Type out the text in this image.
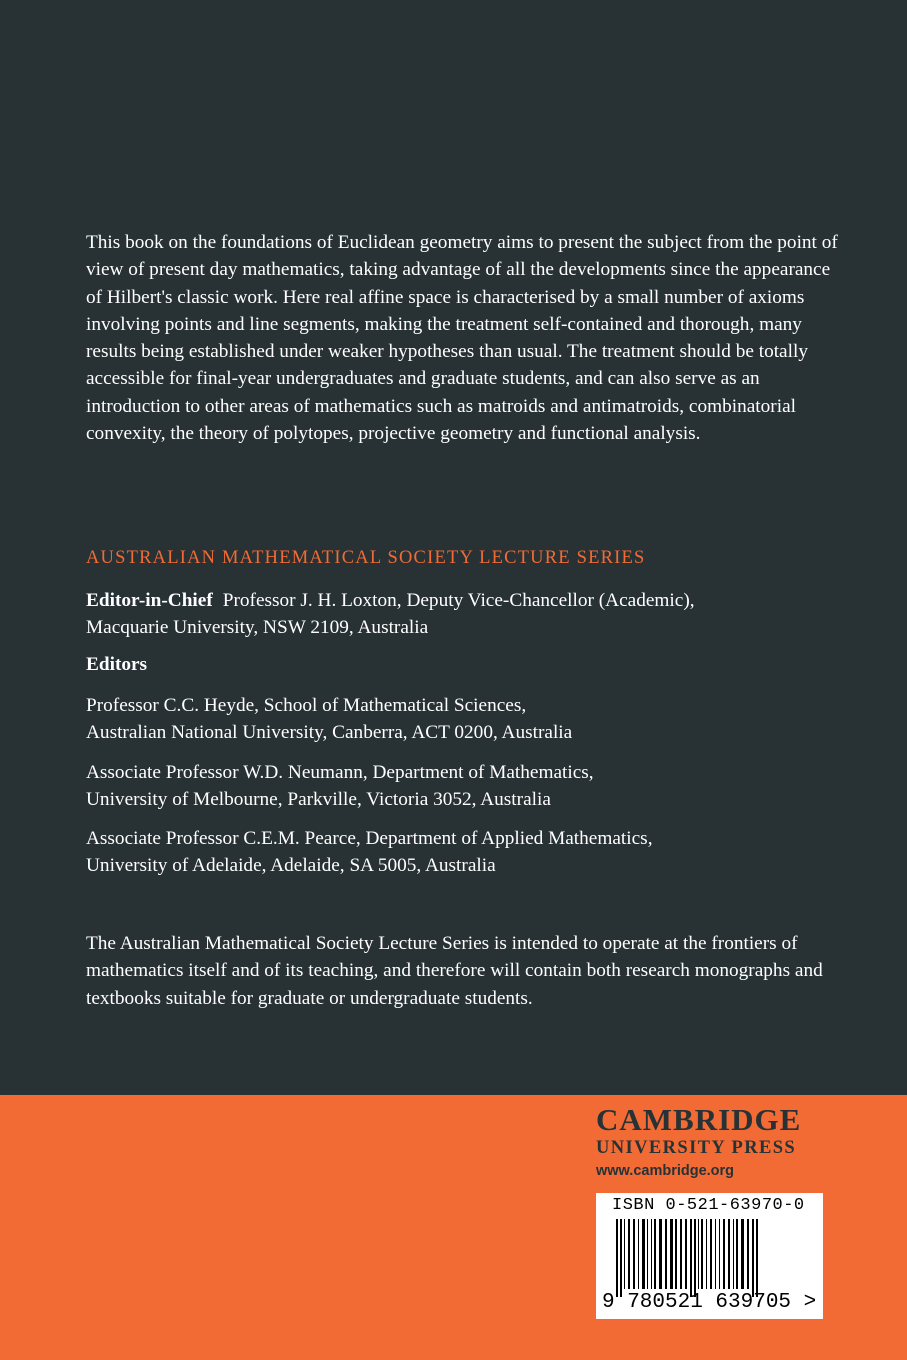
This book on the foundations of Euclidean geometry aims to present the subject from the point of view of present day mathematics, taking advantage of all the developments since the appearance of Hilbert's classic work. Here real affine space is characterised by a small number of axioms involving points and line segments, making the treatment self-contained and thorough, many results being established under weaker hypotheses than usual. The treatment should be totally accessible for final-year undergraduates and graduate students, and can also serve as an introduction to other areas of mathematics such as matroids and antimatroids, combinatorial convexity, the theory of polytopes, projective geometry and functional analysis.

AUSTRALIAN MATHEMATICAL SOCIETY LECTURE SERIES

Editor-in-Chief Professor J. H. Loxton, Deputy Vice-Chancellor (Academic),
Macquarie University, NSW 2109, Australia

Editors

Professor C.C. Heyde, School of Mathematical Sciences,
Australian National University, Canberra, ACT 0200, Australia

Associate Professor W.D. Neumann, Department of Mathematics,
University of Melbourne, Parkville, Victoria 3052, Australia

Associate Professor C.E.M. Pearce, Department of Applied Mathematics,
University of Adelaide, Adelaide, SA 5005, Australia

The Australian Mathematical Society Lecture Series is intended to operate at the frontiers of mathematics itself and of its teaching, and therefore will contain both research monographs and textbooks suitable for graduate or undergraduate students.

CAMBRIDGE
UNIVERSITY PRESS
www.cambridge.org
ISBN 0-521-63970-0
9 780521 639705 >
